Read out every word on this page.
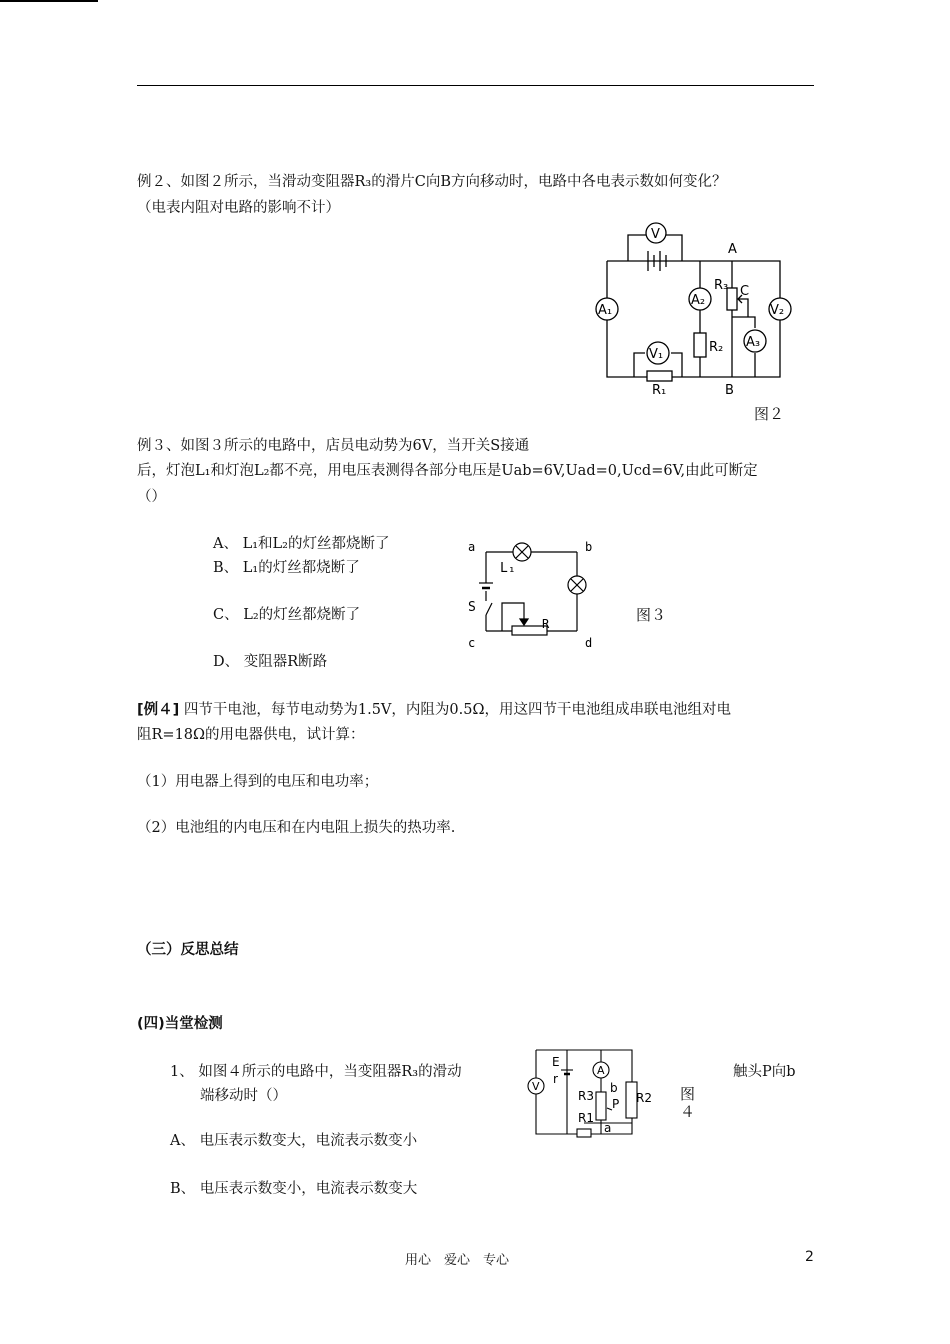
例２、如图２所示，当滑动变阻器R₃的滑片C向B方向移动时，电路中各电表示数如何变化？
（电表内阻对电路的影响不计）
V
A₁
A₂
V₂
A₃
V₁
A
R₃ C
R₂
R₁	B
图２
例３、如图３所示的电路中，店员电动势为6V，当开关S接通
后，灯泡L₁和灯泡L₂都不亮，用电压表测得各部分电压是Uab=6V,Uad=0,Ucd=6V,由此可断定
（）
A、 L₁和L₂的灯丝都烧断了
B、 L₁的灯丝都烧断了
C、 L₂的灯丝都烧断了
D、 变阻器R断路
a	b
c	d
L₁
S
R	图３
[例４] 四节干电池，每节电动势为1.5V，内阻为0.5Ω，用这四节干电池组成串联电池组对电
阻R=18Ω的用电器供电，试计算：
（1）用电器上得到的电压和电功率；
（2）电池组的内电压和在内电阻上损失的热功率.
（三）反思总结
(四)当堂检测
1、 如图４所示的电路中，当变阻器R₃的滑动
端移动时（）
触头P向b
图
４
V
A
E
r
b
R3
P R2
R1
a
A、 电压表示数变大，电流表示数变小
B、 电压表示数变小，电流表示数变大
用心　爱心　专心	2
